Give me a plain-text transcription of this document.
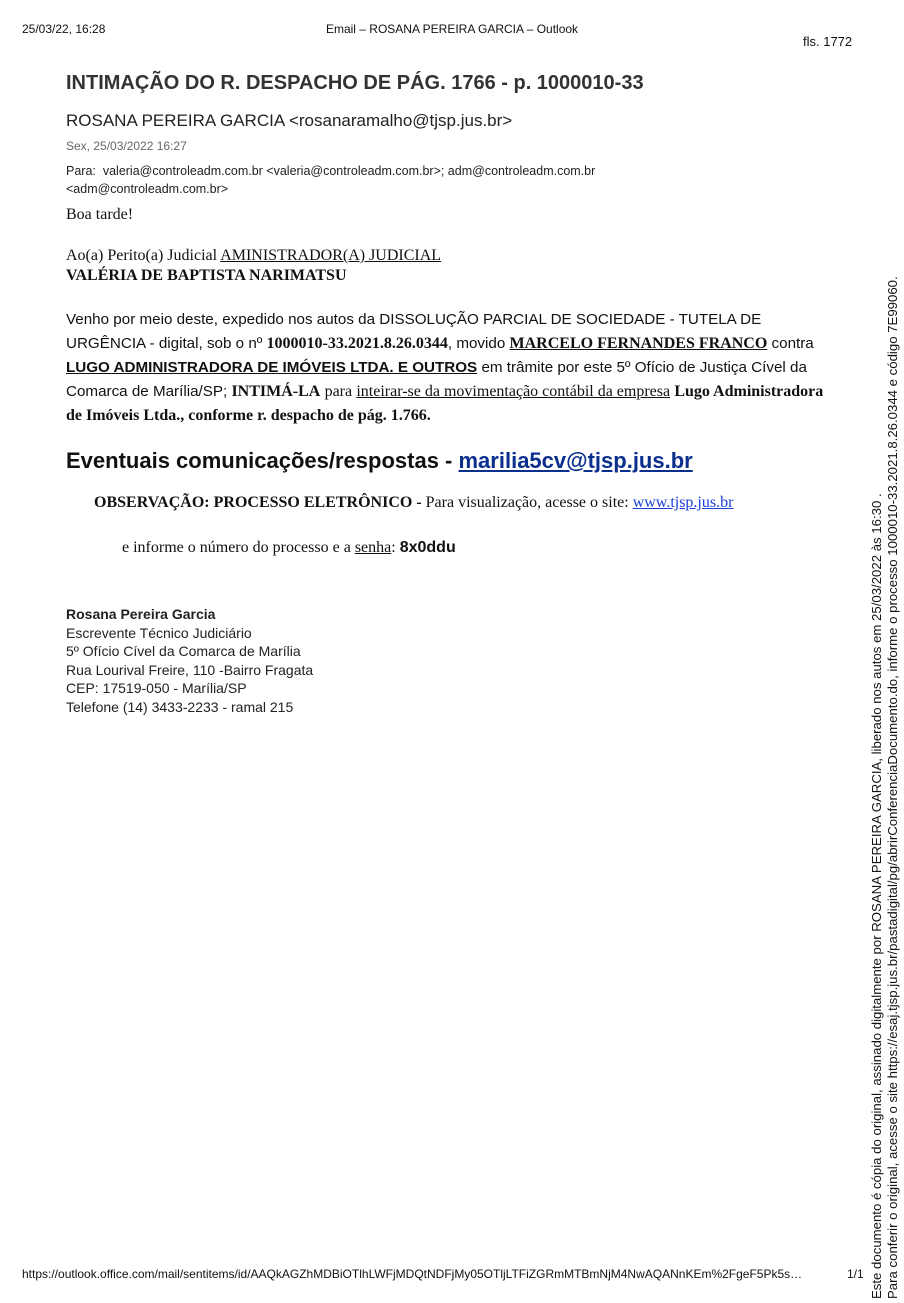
25/03/22, 16:28	Email – ROSANA PEREIRA GARCIA – Outlook
fls. 1772
INTIMAÇÃO DO R. DESPACHO DE PÁG. 1766 - p. 1000010-33
ROSANA PEREIRA GARCIA <rosanaramalho@tjsp.jus.br>
Sex, 25/03/2022 16:27
Para: valeria@controleadm.com.br <valeria@controleadm.com.br>; adm@controleadm.com.br
<adm@controleadm.com.br>
Boa tarde!
Ao(a) Perito(a) Judicial AMINISTRADOR(A) JUDICIAL
VALÉRIA DE BAPTISTA NARIMATSU
Venho por meio deste, expedido nos autos da DISSOLUÇÃO PARCIAL DE SOCIEDADE - TUTELA DE URGÊNCIA - digital, sob o nº 1000010-33.2021.8.26.0344, movido MARCELO FERNANDES FRANCO contra LUGO ADMINISTRADORA DE IMÓVEIS LTDA. E OUTROS em trâmite por este 5º Ofício de Justiça Cível da Comarca de Marília/SP; INTIMÁ-LA para inteirar-se da movimentação contábil da empresa Lugo Administradora de Imóveis Ltda., conforme r. despacho de pág. 1.766.
Eventuais comunicações/respostas - marilia5cv@tjsp.jus.br
OBSERVAÇÃO: PROCESSO ELETRÔNICO - Para visualização, acesse o site: www.tjsp.jus.br
e informe o número do processo e a senha: 8x0ddu
Rosana Pereira Garcia
Escrevente Técnico Judiciário
5º Ofício Cível da Comarca de Marília
Rua Lourival Freire, 110 -Bairro Fragata
CEP: 17519-050 - Marília/SP
Telefone (14) 3433-2233 - ramal 215
https://outlook.office.com/mail/sentitems/id/AAQkAGZhMDBiOTlhLWFjMDQtNDFjMy05OTljLTFiZGRmMTBmNjM4NwAQANnKEm%2FgeF5Pk5s…	1/1 Este documento é cópia do original, assinado digitalmente por ROSANA PEREIRA GARCIA, liberado nos autos em 25/03/2022 às 16:30 . Para conferir o original, acesse o site https://esaj.tjsp.jus.br/pastadigital/pg/abrirConferenciaDocumento.do, informe o processo 1000010-33.2021.8.26.0344 e código 7E99060.
